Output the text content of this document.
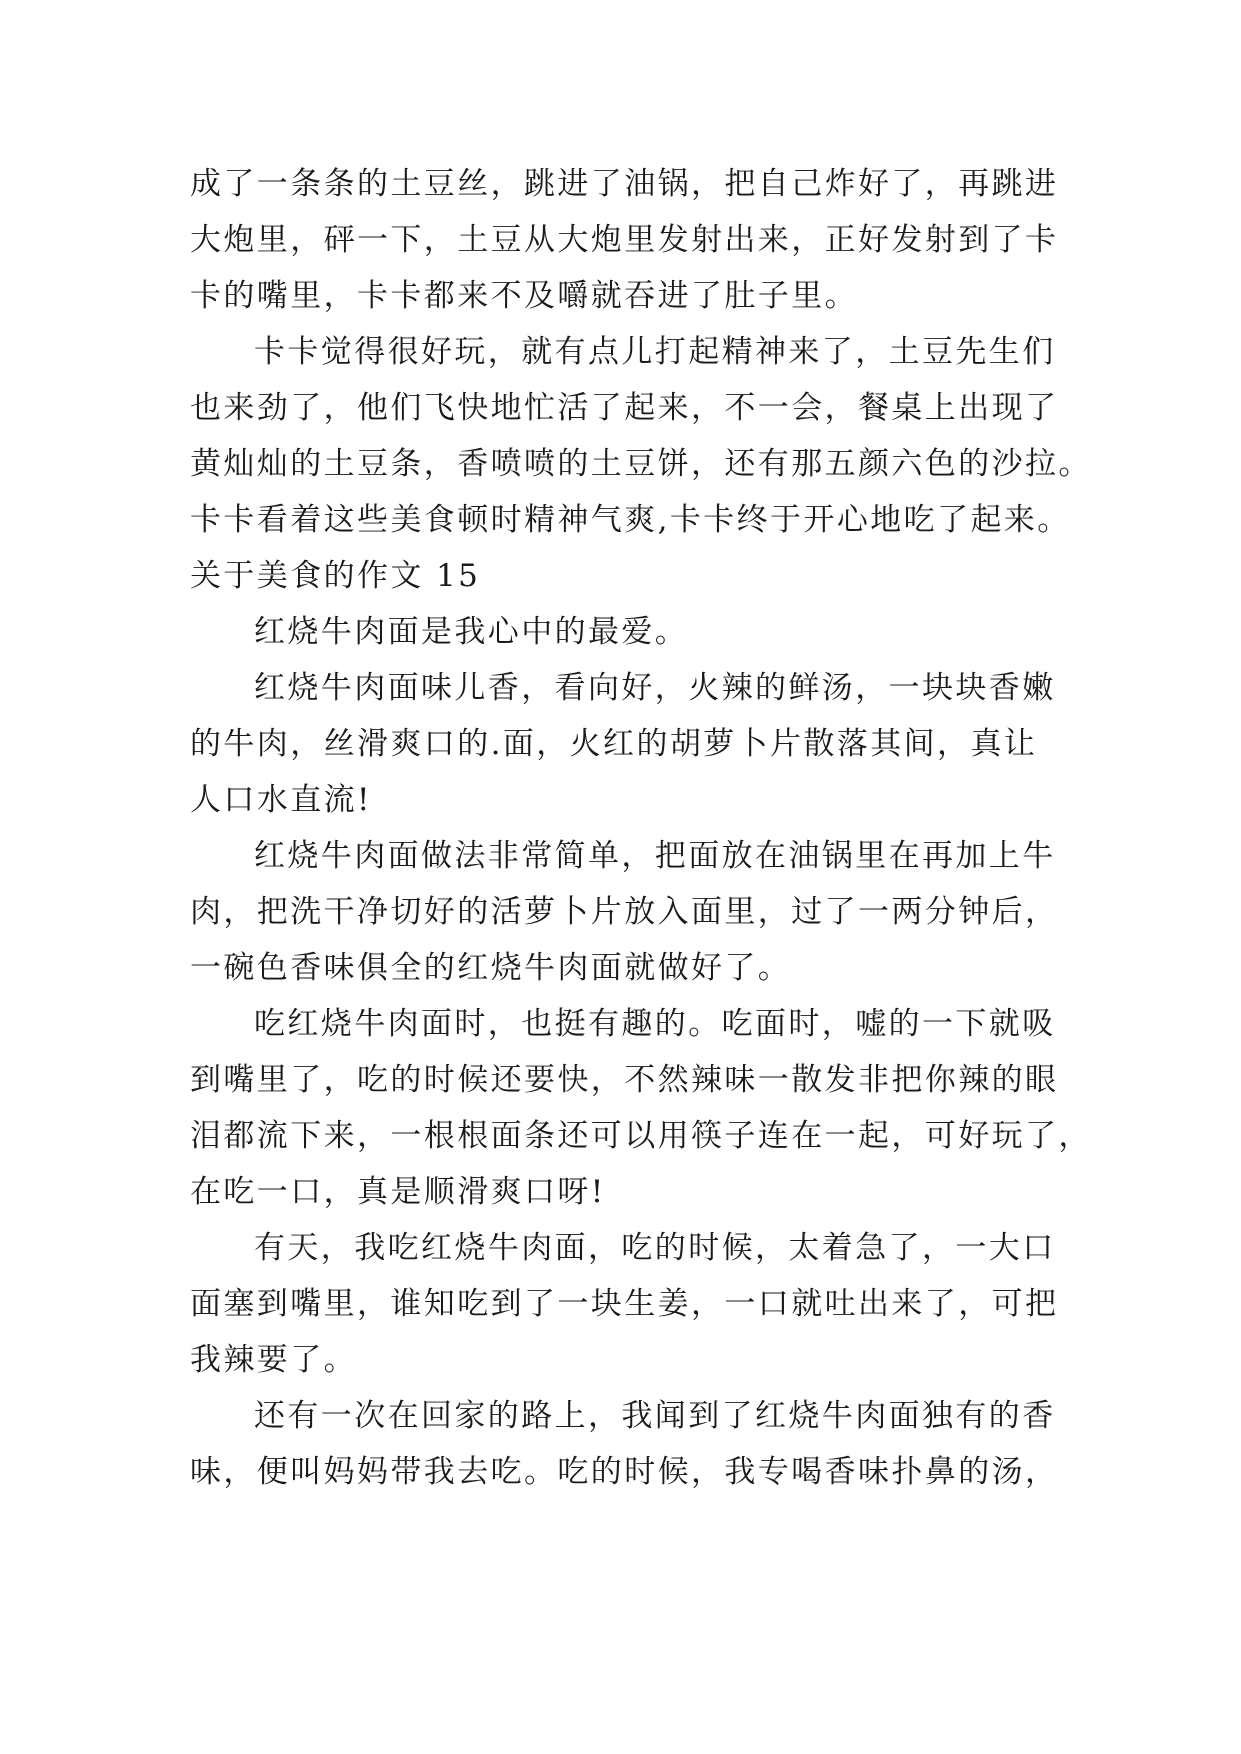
成了一条条的土豆丝，跳进了油锅，把自己炸好了，再跳进
大炮里，砰一下，土豆从大炮里发射出来，正好发射到了卡
卡的嘴里，卡卡都来不及嚼就吞进了肚子里。
卡卡觉得很好玩，就有点儿打起精神来了，土豆先生们
也来劲了，他们飞快地忙活了起来，不一会，餐桌上出现了
黄灿灿的土豆条，香喷喷的土豆饼，还有那五颜六色的沙拉。
卡卡看着这些美食顿时精神气爽,卡卡终于开心地吃了起来。
关于美食的作文 15
红烧牛肉面是我心中的最爱。
红烧牛肉面味儿香，看向好，火辣的鲜汤，一块块香嫩
的牛肉，丝滑爽口的.面，火红的胡萝卜片散落其间，真让
人口水直流!
红烧牛肉面做法非常简单，把面放在油锅里在再加上牛
肉，把洗干净切好的活萝卜片放入面里，过了一两分钟后，
一碗色香味俱全的红烧牛肉面就做好了。
吃红烧牛肉面时，也挺有趣的。吃面时，嘘的一下就吸
到嘴里了，吃的时候还要快，不然辣味一散发非把你辣的眼
泪都流下来，一根根面条还可以用筷子连在一起，可好玩了，
在吃一口，真是顺滑爽口呀!
有天，我吃红烧牛肉面，吃的时候，太着急了，一大口
面塞到嘴里，谁知吃到了一块生姜，一口就吐出来了，可把
我辣要了。
还有一次在回家的路上，我闻到了红烧牛肉面独有的香
味，便叫妈妈带我去吃。吃的时候，我专喝香味扑鼻的汤，
